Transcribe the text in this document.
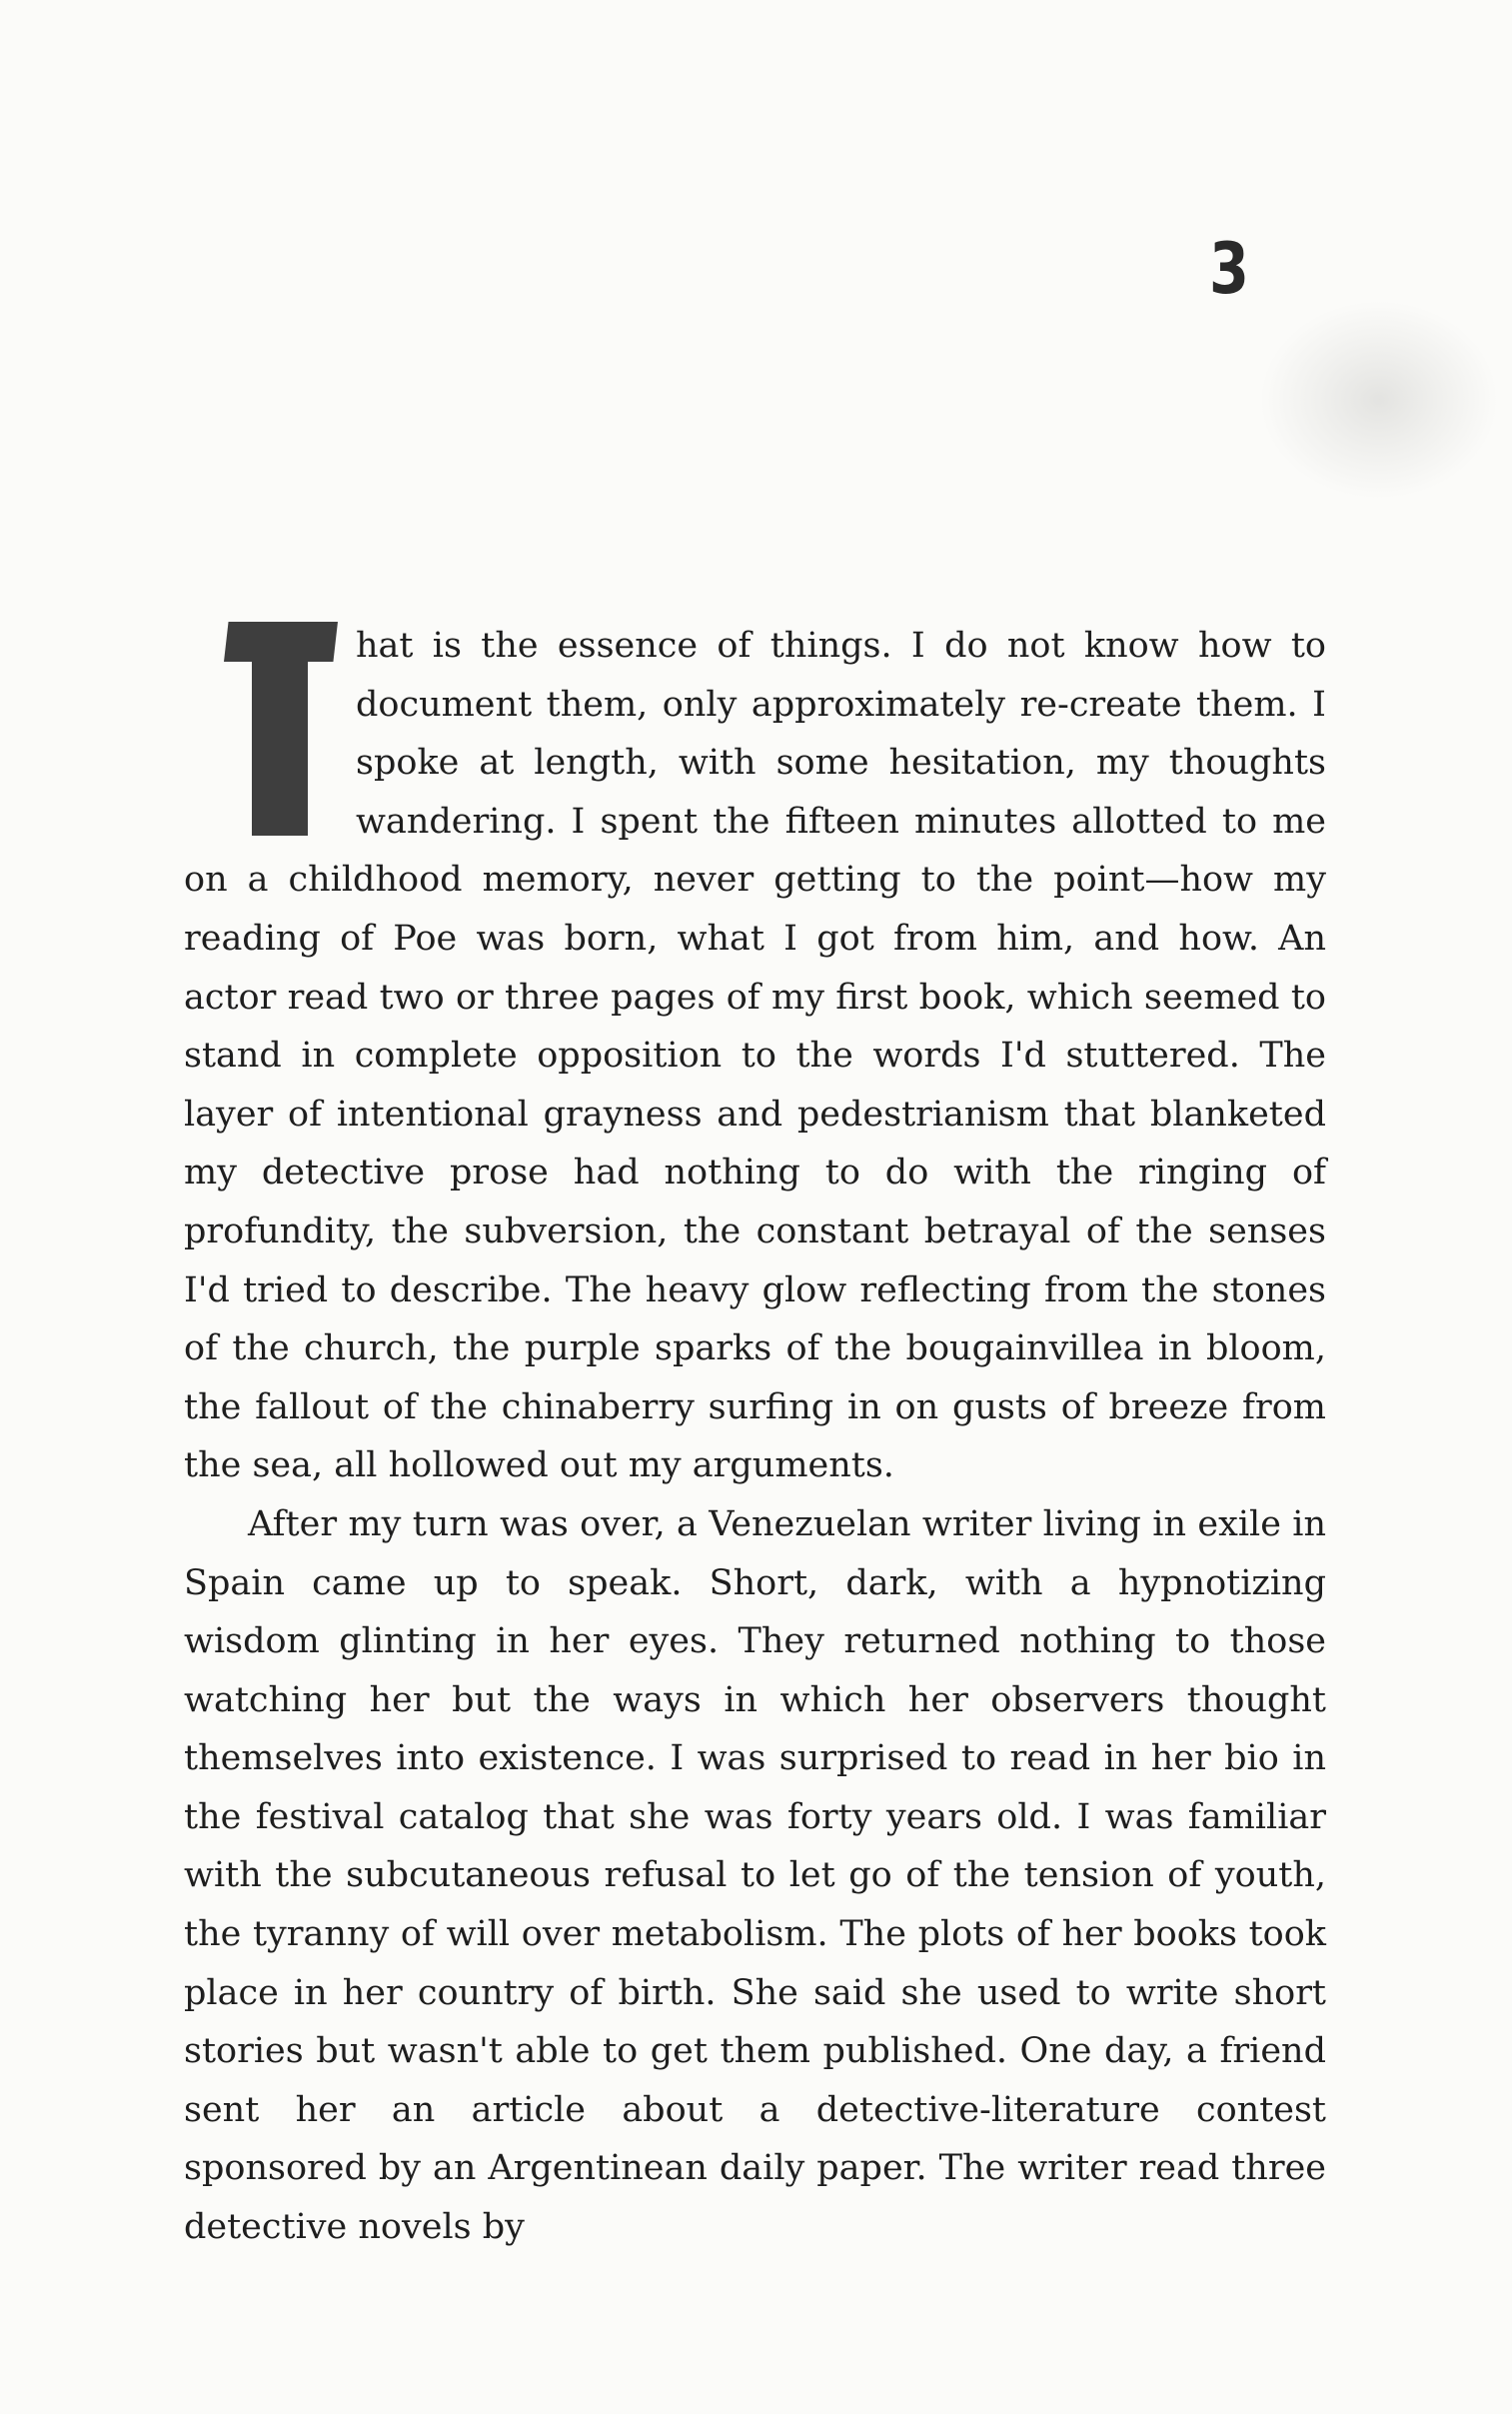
3

hat is the essence of things. I do not know how to document them, only approximately re-create them. I spoke at length, with some hesitation, my thoughts wandering. I spent the fifteen minutes allotted to me on a childhood memory, never getting to the point—how my reading of Poe was born, what I got from him, and how. An actor read two or three pages of my first book, which seemed to stand in complete opposition to the words I'd stuttered. The layer of intentional grayness and pedestrianism that blanketed my detective prose had nothing to do with the ringing of profundity, the subversion, the constant betrayal of the senses I'd tried to describe. The heavy glow reflecting from the stones of the church, the purple sparks of the bougainvillea in bloom, the fallout of the chinaberry surfing in on gusts of breeze from the sea, all hollowed out my arguments.

After my turn was over, a Venezuelan writer living in exile in Spain came up to speak. Short, dark, with a hypnotizing wisdom glinting in her eyes. They returned nothing to those watching her but the ways in which her observers thought themselves into existence. I was surprised to read in her bio in the festival catalog that she was forty years old. I was familiar with the subcutaneous refusal to let go of the tension of youth, the tyranny of will over metabolism. The plots of her books took place in her country of birth. She said she used to write short stories but wasn't able to get them published. One day, a friend sent her an article about a detective-literature contest sponsored by an Argentinean daily paper. The writer read three detective novels by
